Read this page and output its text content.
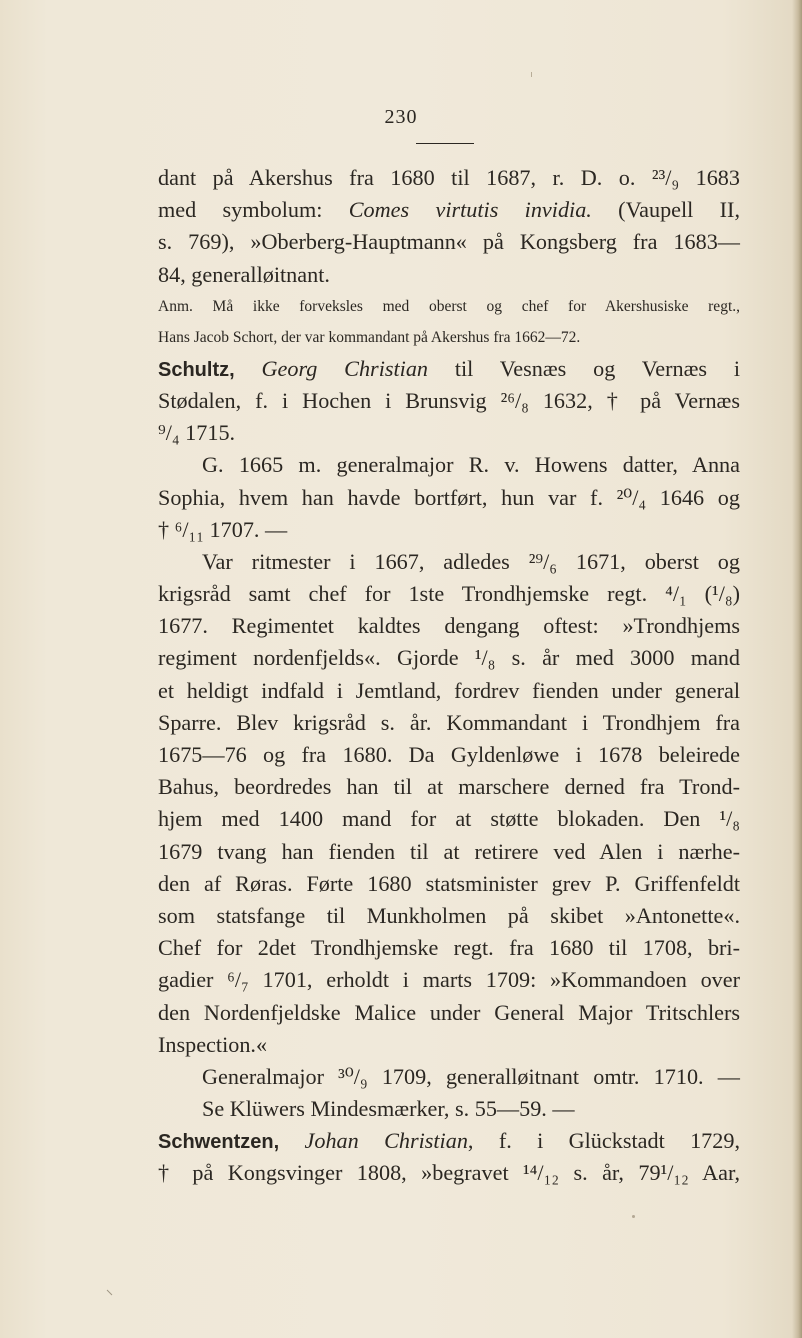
230
dant på Akershus fra 1680 til 1687, r. D. o. ²³/₉ 1683
med symbolum: Comes virtutis invidia. (Vaupell II,
s. 769), »Oberberg-Hauptmann« på Kongsberg fra 1683—
84, generalløitnant.
Anm. Må ikke forveksles med oberst og chef for Akershusiske regt.,
Hans Jacob Schort, der var kommandant på Akershus fra 1662—72.
Schultz, Georg Christian til Vesnæs og Vernæs i
Stødalen, f. i Hochen i Brunsvig ²⁶/₈ 1632, † på Vernæs
⁹/₄ 1715.
G. 1665 m. generalmajor R. v. Howens datter, Anna
Sophia, hvem han havde bortført, hun var f. ²⁰/₄ 1646 og
† ⁶/₁₁ 1707. —
Var ritmester i 1667, adledes ²⁹/₆ 1671, oberst og
krigsråd samt chef for 1ste Trondhjemske regt. ⁴/₁ (¹/₈)
1677. Regimentet kaldtes dengang oftest: »Trondhjems
regiment nordenfjelds«. Gjorde ¹/₈ s. år med 3000 mand
et heldigt indfald i Jemtland, fordrev fienden under general
Sparre. Blev krigsråd s. år. Kommandant i Trondhjem fra
1675—76 og fra 1680. Da Gyldenløwe i 1678 beleirede
Bahus, beordredes han til at marschere derned fra Trond-
hjem med 1400 mand for at støtte blokaden. Den ¹/₈
1679 tvang han fienden til at retirere ved Alen i nærhe-
den af Røras. Førte 1680 statsminister grev P. Griffenfeldt
som statsfange til Munkholmen på skibet »Antonette«.
Chef for 2det Trondhjemske regt. fra 1680 til 1708, bri-
gadier ⁶/₇ 1701, erholdt i marts 1709: »Kommandoen over
den Nordenfjeldske Malice under General Major Tritschlers
Inspection.«
Generalmajor ³⁰/₉ 1709, generalløitnant omtr. 1710. —
Se Klüwers Mindesmærker, s. 55—59. —
Schwentzen, Johan Christian, f. i Glückstadt 1729,
† på Kongsvinger 1808, »begravet ¹⁴/₁₂ s. år, 79¹/₁₂ Aar,
